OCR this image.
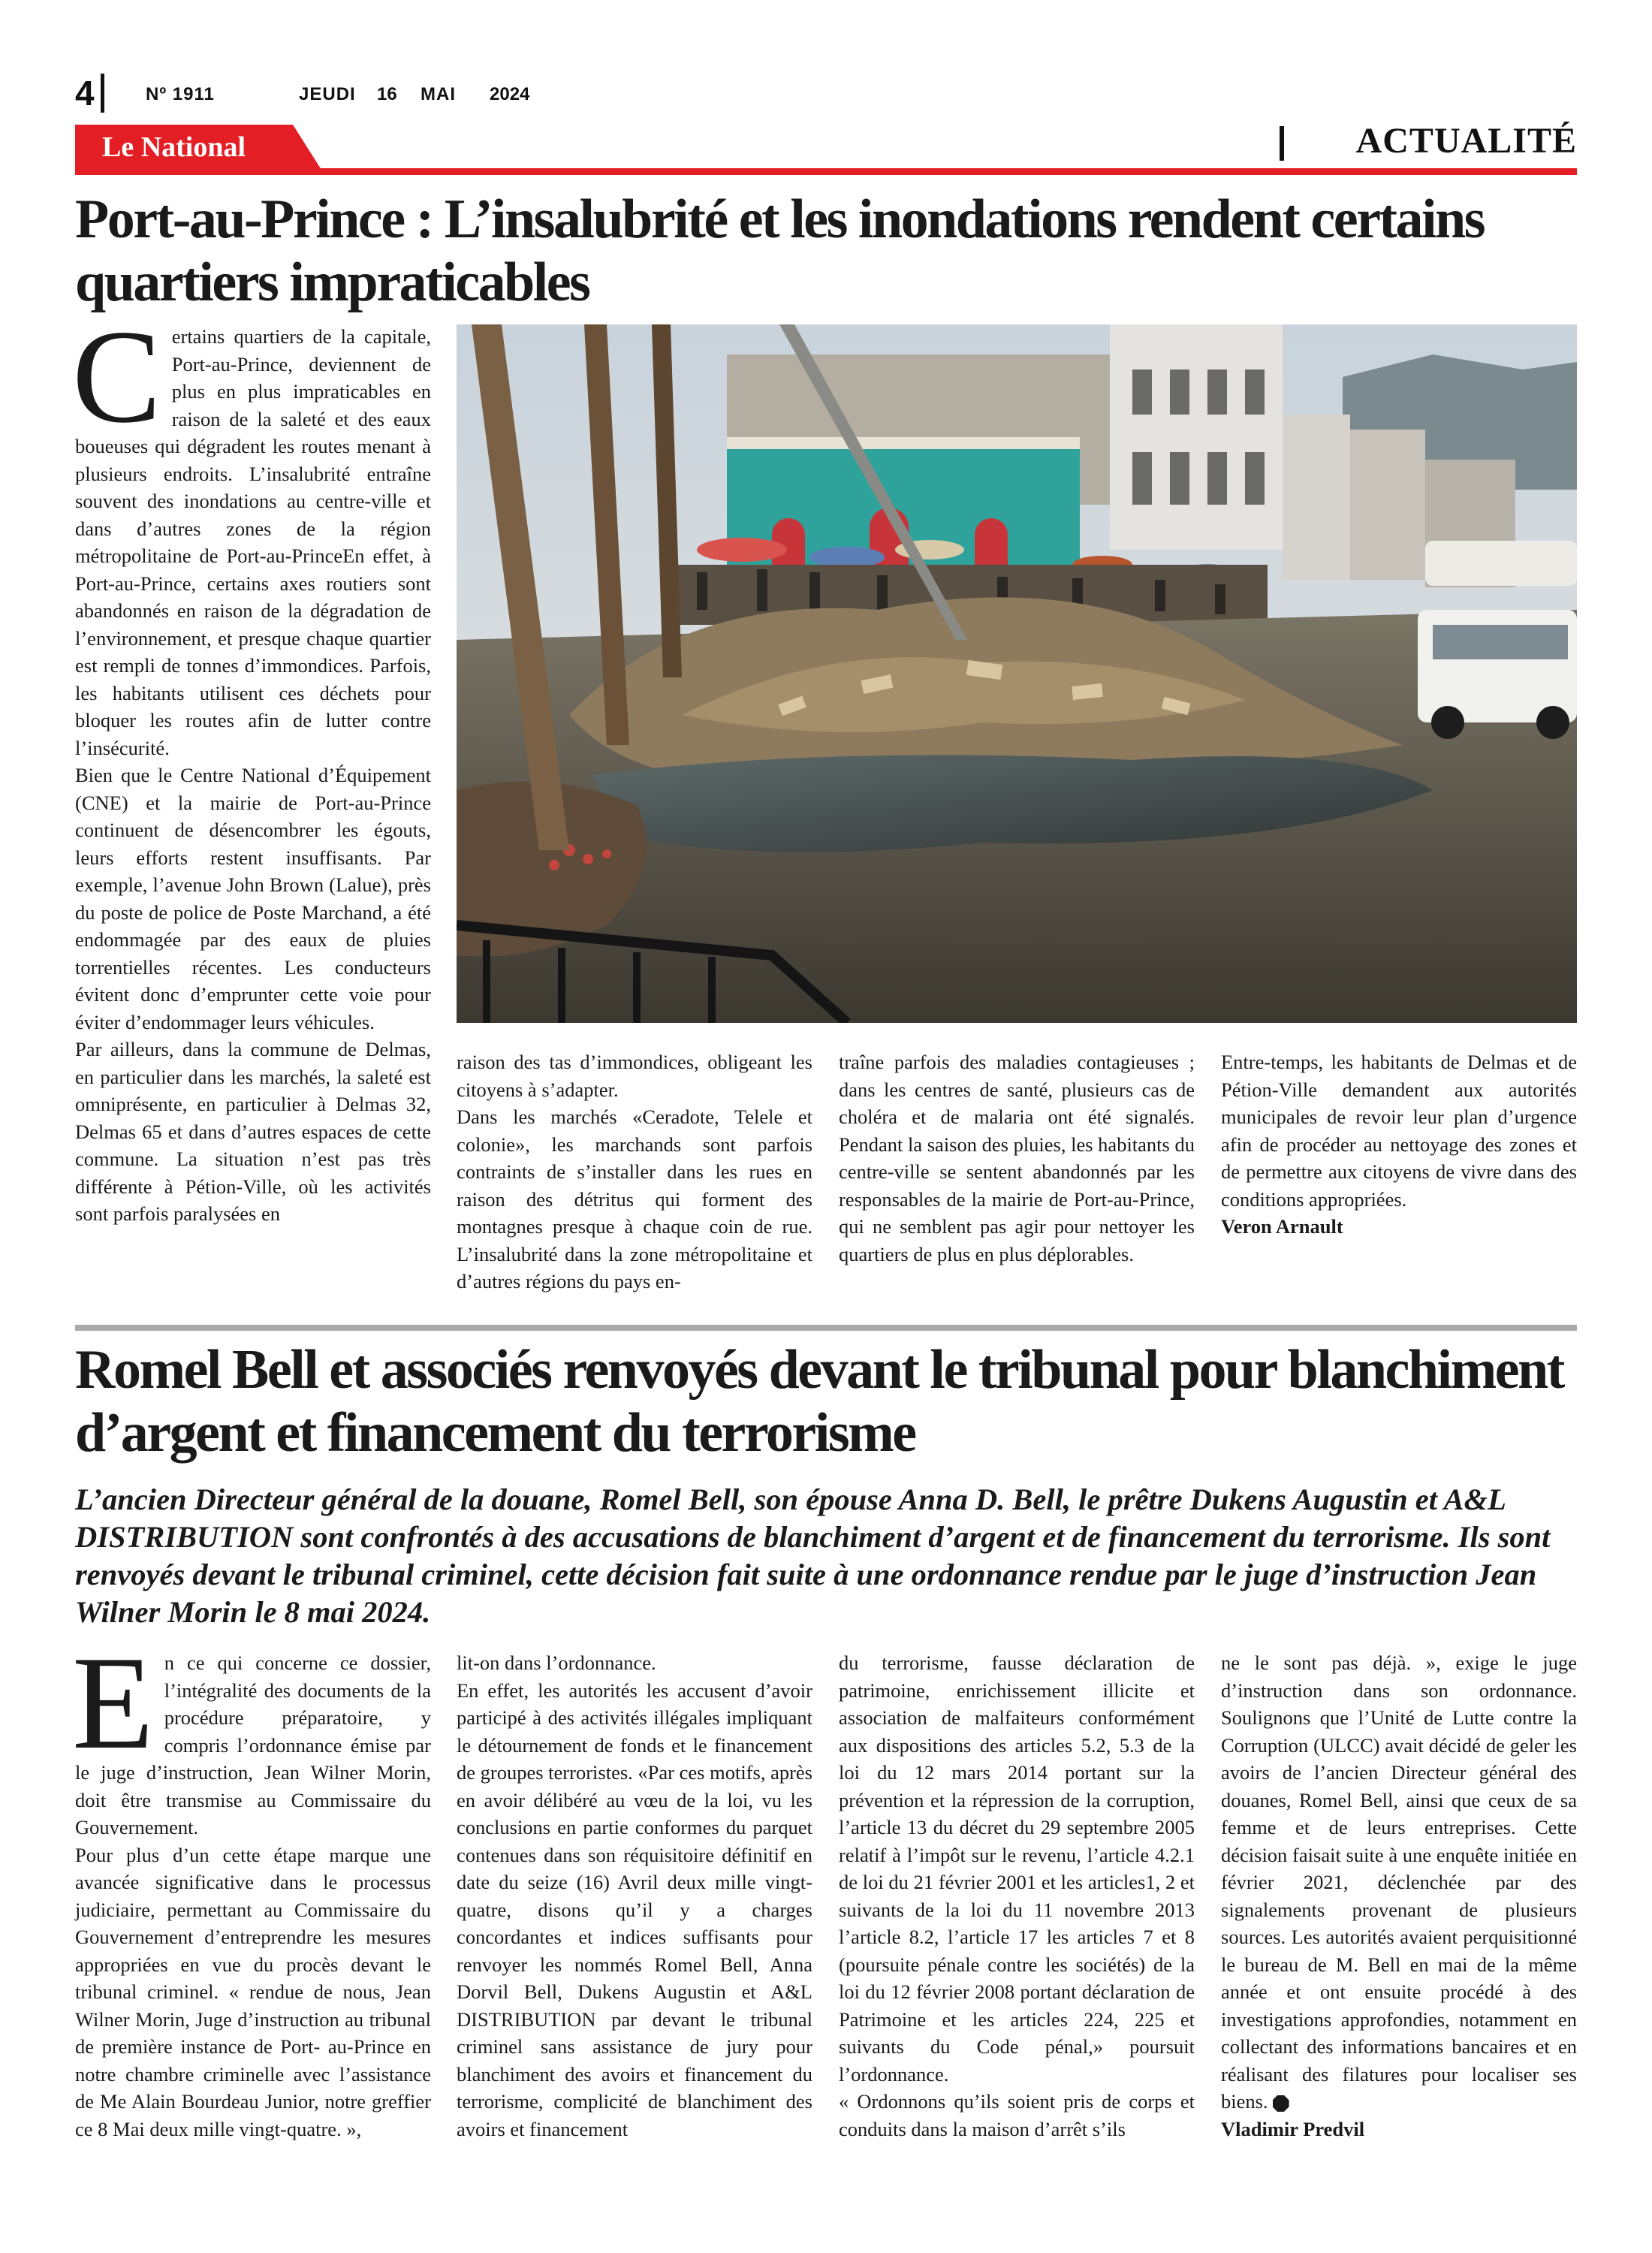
4	Nº 1911	JEUDI 16 MAI 2024
Le National	ACTUALITÉ
Port-au-Prince : L’insalubrité et les inondations rendent certains quartiers impraticables

Certains quartiers de la capitale, Port-au-Prince, deviennent de plus en plus impraticables en raison de la saleté et des eaux boueuses qui dégradent les routes menant à plusieurs endroits. L’insalubrité entraîne souvent des inondations au centre-ville et dans d’autres zones de la région métropolitaine de Port-au-PrinceEn effet, à Port-au-Prince, certains axes routiers sont abandonnés en raison de la dégradation de l’environnement, et presque chaque quartier est rempli de tonnes d’immondices. Parfois, les habitants utilisent ces déchets pour bloquer les routes afin de lutter contre l’insécurité.

Bien que le Centre National d’Équipement (CNE) et la mairie de Port-au-Prince continuent de désencombrer les égouts, leurs efforts restent insuffisants. Par exemple, l’avenue John Brown (Lalue), près du poste de police de Poste Marchand, a été endommagée par des eaux de pluies torrentielles récentes. Les conducteurs évitent donc d’emprunter cette voie pour éviter d’endommager leurs véhicules.

Par ailleurs, dans la commune de Delmas, en particulier dans les marchés, la saleté est omniprésente, en particulier à Delmas 32, Delmas 65 et dans d’autres espaces de cette commune. La situation n’est pas très différente à Pétion-Ville, où les activités sont parfois paralysées en

raison des tas d’immondices, obligeant les citoyens à s’adapter.

Dans les marchés «Ceradote, Telele et colonie», les marchands sont parfois contraints de s’installer dans les rues en raison des détritus qui forment des montagnes presque à chaque coin de rue. L’insalubrité dans la zone métropolitaine et d’autres régions du pays en-

traîne parfois des maladies contagieuses ; dans les centres de santé, plusieurs cas de choléra et de malaria ont été signalés. Pendant la saison des pluies, les habitants du centre-ville se sentent abandonnés par les responsables de la mairie de Port-au-Prince, qui ne semblent pas agir pour nettoyer les quartiers de plus en plus déplorables.

Entre-temps, les habitants de Delmas et de Pétion-Ville demandent aux autorités municipales de revoir leur plan d’urgence afin de procéder au nettoyage des zones et de permettre aux citoyens de vivre dans des conditions appropriées.

Veron Arnault

Romel Bell et associés renvoyés devant le tribunal pour blanchiment d’argent et financement du terrorisme

L’ancien Directeur général de la douane, Romel Bell, son épouse Anna D. Bell, le prêtre Dukens Augustin et A&L DISTRIBUTION sont confrontés à des accusations de blanchiment d’argent et de financement du terrorisme. Ils sont renvoyés devant le tribunal criminel, cette décision fait suite à une ordonnance rendue par le juge d’instruction Jean Wilner Morin le 8 mai 2024.

En ce qui concerne ce dossier, l’intégralité des documents de la procédure préparatoire, y compris l’ordonnance émise par le juge d’instruction, Jean Wilner Morin, doit être transmise au Commissaire du Gouvernement.

Pour plus d’un cette étape marque une avancée significative dans le processus judiciaire, permettant au Commissaire du Gouvernement d’entreprendre les mesures appropriées en vue du procès devant le tribunal criminel. « rendue de nous, Jean Wilner Morin, Juge d’instruction au tribunal de première instance de Port- au-Prince en notre chambre criminelle avec l’assistance de Me Alain Bourdeau Junior, notre greffier ce 8 Mai deux mille vingt-quatre. »,

lit-on dans l’ordonnance.

En effet, les autorités les accusent d’avoir participé à des activités illégales impliquant le détournement de fonds et le financement de groupes terroristes. «Par ces motifs, après en avoir délibéré au vœu de la loi, vu les conclusions en partie conformes du parquet contenues dans son réquisitoire définitif en date du seize (16) Avril deux mille vingt-quatre, disons qu’il y a charges concordantes et indices suffisants pour renvoyer les nommés Romel Bell, Anna Dorvil Bell, Dukens Augustin et A&L DISTRIBUTION par devant le tribunal criminel sans assistance de jury pour blanchiment des avoirs et financement du terrorisme, complicité de blanchiment des avoirs et financement

du terrorisme, fausse déclaration de patrimoine, enrichissement illicite et association de malfaiteurs conformément aux dispositions des articles 5.2, 5.3 de la loi du 12 mars 2014 portant sur la prévention et la répression de la corruption, l’article 13 du décret du 29 septembre 2005 relatif à l’impôt sur le revenu, l’article 4.2.1 de loi du 21 février 2001 et les articles1, 2 et suivants de la loi du 11 novembre 2013 l’article 8.2, l’article 17 les articles 7 et 8 (poursuite pénale contre les sociétés) de la loi du 12 février 2008 portant déclaration de Patrimoine et les articles 224, 225 et suivants du Code pénal,» poursuit l’ordonnance.

« Ordonnons qu’ils soient pris de corps et conduits dans la maison d’arrêt s’ils

ne le sont pas déjà. », exige le juge d’instruction dans son ordonnance. Soulignons que l’Unité de Lutte contre la Corruption (ULCC) avait décidé de geler les avoirs de l’ancien Directeur général des douanes, Romel Bell, ainsi que ceux de sa femme et de leurs entreprises. Cette décision faisait suite à une enquête initiée en février 2021, déclenchée par des signalements provenant de plusieurs sources. Les autorités avaient perquisitionné le bureau de M. Bell en mai de la même année et ont ensuite procédé à des investigations approfondies, notamment en collectant des informations bancaires et en réalisant des filatures pour localiser ses biens.

Vladimir Predvil
